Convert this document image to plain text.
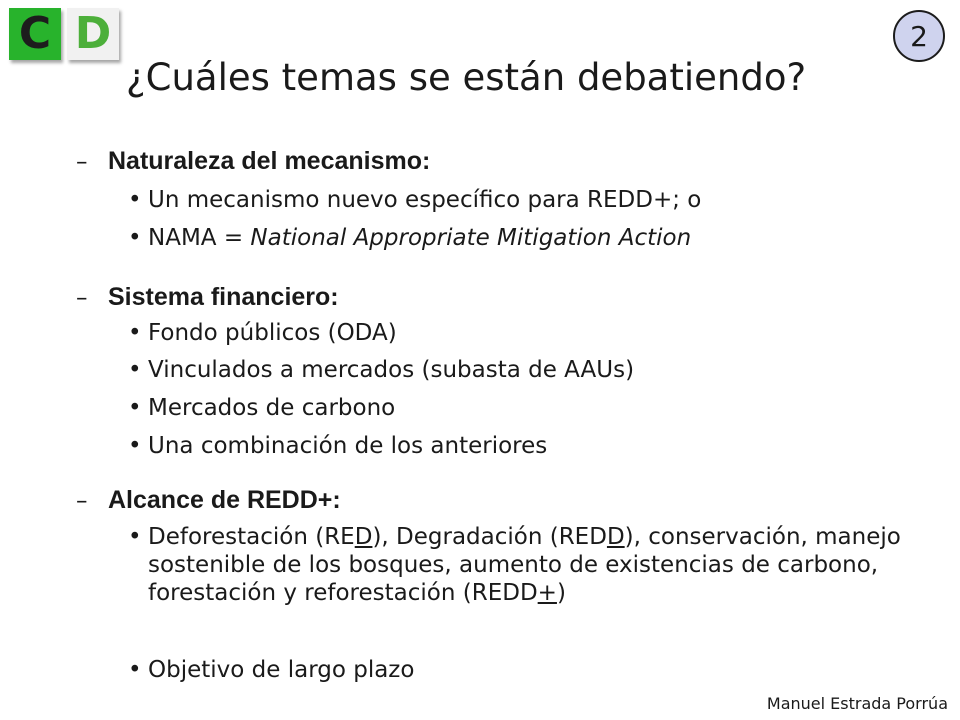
C D	2
¿Cuáles temas se están debatiendo?
– Naturaleza del mecanismo:
• Un mecanismo nuevo específico para REDD+; o
• NAMA = National Appropriate Mitigation Action
– Sistema financiero:
• Fondo públicos (ODA)
• Vinculados a mercados (subasta de AAUs)
• Mercados de carbono
• Una combinación de los anteriores
– Alcance de REDD+:
• Deforestación (RED), Degradación (REDD), conservación, manejo sostenible de los bosques, aumento de existencias de carbono, forestación y reforestación (REDD+)
• Objetivo de largo plazo
Manuel Estrada Porrúa
